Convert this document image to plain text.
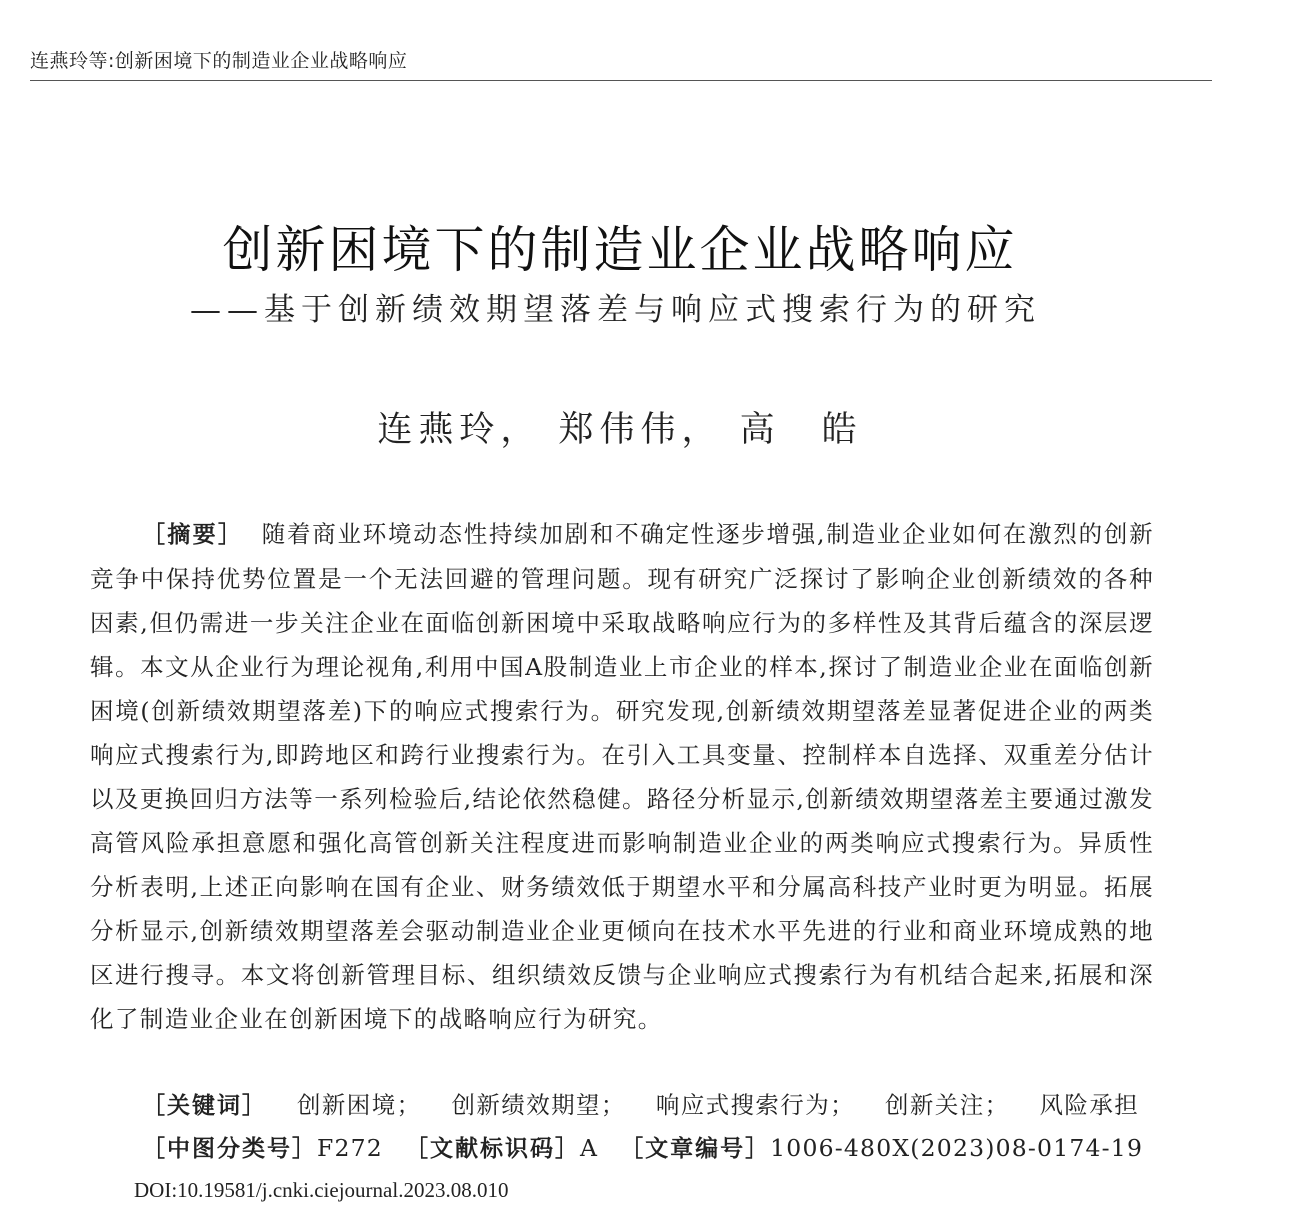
连燕玲等:创新困境下的制造业企业战略响应
创新困境下的制造业企业战略响应
——基于创新绩效期望落差与响应式搜索行为的研究
连燕玲， 郑伟伟， 高　皓
［摘要］ 随着商业环境动态性持续加剧和不确定性逐步增强,制造业企业如何在激烈的创新竞争中保持优势位置是一个无法回避的管理问题。现有研究广泛探讨了影响企业创新绩效的各种因素,但仍需进一步关注企业在面临创新困境中采取战略响应行为的多样性及其背后蕴含的深层逻辑。本文从企业行为理论视角,利用中国A股制造业上市企业的样本,探讨了制造业企业在面临创新困境(创新绩效期望落差)下的响应式搜索行为。研究发现,创新绩效期望落差显著促进企业的两类响应式搜索行为,即跨地区和跨行业搜索行为。在引入工具变量、控制样本自选择、双重差分估计以及更换回归方法等一系列检验后,结论依然稳健。路径分析显示,创新绩效期望落差主要通过激发高管风险承担意愿和强化高管创新关注程度进而影响制造业企业的两类响应式搜索行为。异质性分析表明,上述正向影响在国有企业、财务绩效低于期望水平和分属高科技产业时更为明显。拓展分析显示,创新绩效期望落差会驱动制造业企业更倾向在技术水平先进的行业和商业环境成熟的地区进行搜寻。本文将创新管理目标、组织绩效反馈与企业响应式搜索行为有机结合起来,拓展和深化了制造业企业在创新困境下的战略响应行为研究。
［关键词］ 创新困境； 创新绩效期望； 响应式搜索行为； 创新关注； 风险承担
［中图分类号］F272 ［文献标识码］A ［文章编号］1006-480X(2023)08-0174-19
DOI:10.19581/j.cnki.ciejournal.2023.08.010
